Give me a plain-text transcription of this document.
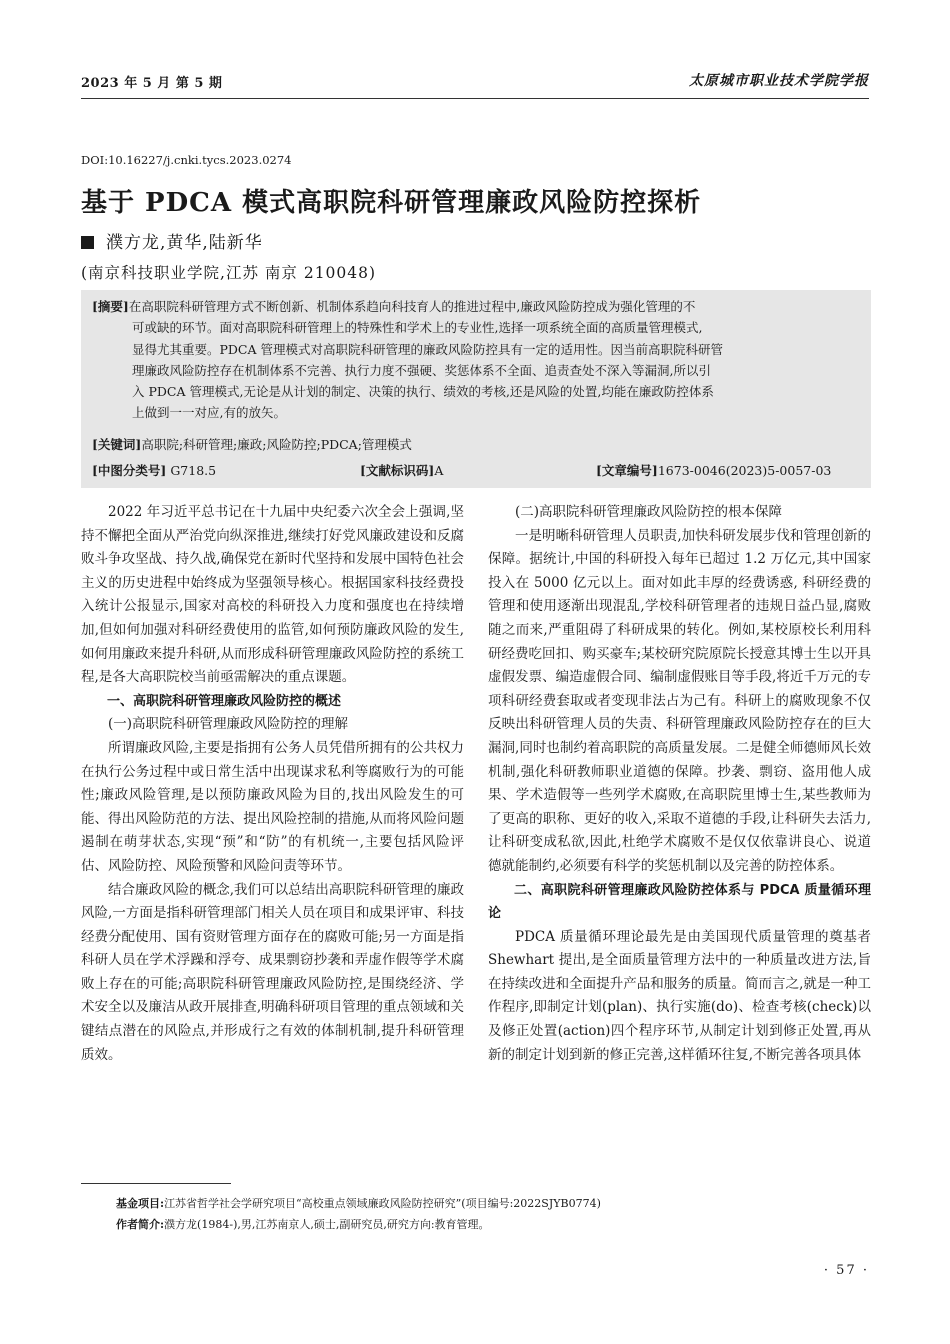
2023 年 5 月 第 5 期	太原城市职业技术学院学报
DOI:10.16227/j.cnki.tycs.2023.0274
基于 PDCA 模式高职院科研管理廉政风险防控探析
濮方龙,黄华,陆新华
(南京科技职业学院,江苏 南京 210048)
[摘要]在高职院科研管理方式不断创新、机制体系趋向科技育人的推进过程中,廉政风险防控成为强化管理的不
可或缺的环节。面对高职院科研管理上的特殊性和学术上的专业性,选择一项系统全面的高质量管理模式,
显得尤其重要。PDCA 管理模式对高职院科研管理的廉政风险防控具有一定的适用性。因当前高职院科研管
理廉政风险防控存在机制体系不完善、执行力度不强硬、奖惩体系不全面、追责查处不深入等漏洞,所以引
入 PDCA 管理模式,无论是从计划的制定、决策的执行、绩效的考核,还是风险的处置,均能在廉政防控体系
上做到一一对应,有的放矢。
[关键词]高职院;科研管理;廉政;风险防控;PDCA;管理模式
[中图分类号] G718.5	[文献标识码]A	[文章编号]1673-0046(2023)5-0057-03

2022 年习近平总书记在十九届中央纪委六次全会上强调,坚持不懈把全面从严治党向纵深推进,继续打好党风廉政建设和反腐败斗争攻坚战、持久战,确保党在新时代坚持和发展中国特色社会主义的历史进程中始终成为坚强领导核心。根据国家科技经费投入统计公报显示,国家对高校的科研投入力度和强度也在持续增加,但如何加强对科研经费使用的监管,如何预防廉政风险的发生,如何用廉政来提升科研,从而形成科研管理廉政风险防控的系统工程,是各大高职院校当前亟需解决的重点课题。

一、高职院科研管理廉政风险防控的概述

(一)高职院科研管理廉政风险防控的理解

所谓廉政风险,主要是指拥有公务人员凭借所拥有的公共权力在执行公务过程中或日常生活中出现谋求私利等腐败行为的可能性;廉政风险管理,是以预防廉政风险为目的,找出风险发生的可能、得出风险防范的方法、提出风险控制的措施,从而将风险问题遏制在萌芽状态,实现“预”和“防”的有机统一,主要包括风险评估、风险防控、风险预警和风险问责等环节。

结合廉政风险的概念,我们可以总结出高职院科研管理的廉政风险,一方面是指科研管理部门相关人员在项目和成果评审、科技经费分配使用、国有资财管理方面存在的腐败可能;另一方面是指科研人员在学术浮躁和浮夸、成果剽窃抄袭和弄虚作假等学术腐败上存在的可能;高职院科研管理廉政风险防控,是围绕经济、学术安全以及廉洁从政开展排查,明确科研项目管理的重点领域和关键结点潜在的风险点,并形成行之有效的体制机制,提升科研管理质效。

(二)高职院科研管理廉政风险防控的根本保障

一是明晰科研管理人员职责,加快科研发展步伐和管理创新的保障。据统计,中国的科研投入每年已超过 1.2 万亿元,其中国家投入在 5000 亿元以上。面对如此丰厚的经费诱惑, 科研经费的管理和使用逐渐出现混乱,学校科研管理者的违规日益凸显,腐败随之而来,严重阻碍了科研成果的转化。例如,某校原校长利用科研经费吃回扣、购买豪车;某校研究院原院长授意其博士生以开具虚假发票、编造虚假合同、编制虚假账目等手段,将近千万元的专项科研经费套取或者变现非法占为己有。科研上的腐败现象不仅反映出科研管理人员的失责、科研管理廉政风险防控存在的巨大漏洞,同时也制约着高职院的高质量发展。二是健全师德师风长效机制,强化科研教师职业道德的保障。抄袭、剽窃、盗用他人成果、学术造假等一些列学术腐败,在高职院里博士生,某些教师为了更高的职称、更好的收入,采取不道德的手段,让科研失去活力,让科研变成私欲,因此,杜绝学术腐败不是仅仅依靠讲良心、说道德就能制约,必须要有科学的奖惩机制以及完善的防控体系。

二、高职院科研管理廉政风险防控体系与 PDCA 质量循环理论

PDCA 质量循环理论最先是由美国现代质量管理的奠基者 Shewhart 提出,是全面质量管理方法中的一种质量改进方法,旨在持续改进和全面提升产品和服务的质量。简而言之,就是一种工作程序,即制定计划(plan)、执行实施(do)、检查考核(check)以及修正处置(action)四个程序环节,从制定计划到修正处置,再从新的制定计划到新的修正完善,这样循环往复,不断完善各项具体

基金项目:江苏省哲学社会学研究项目“高校重点领域廉政风险防控研究”(项目编号:2022SJYB0774)
作者简介:濮方龙(1984-),男,江苏南京人,硕士,副研究员,研究方向:教育管理。
· 57 ·
